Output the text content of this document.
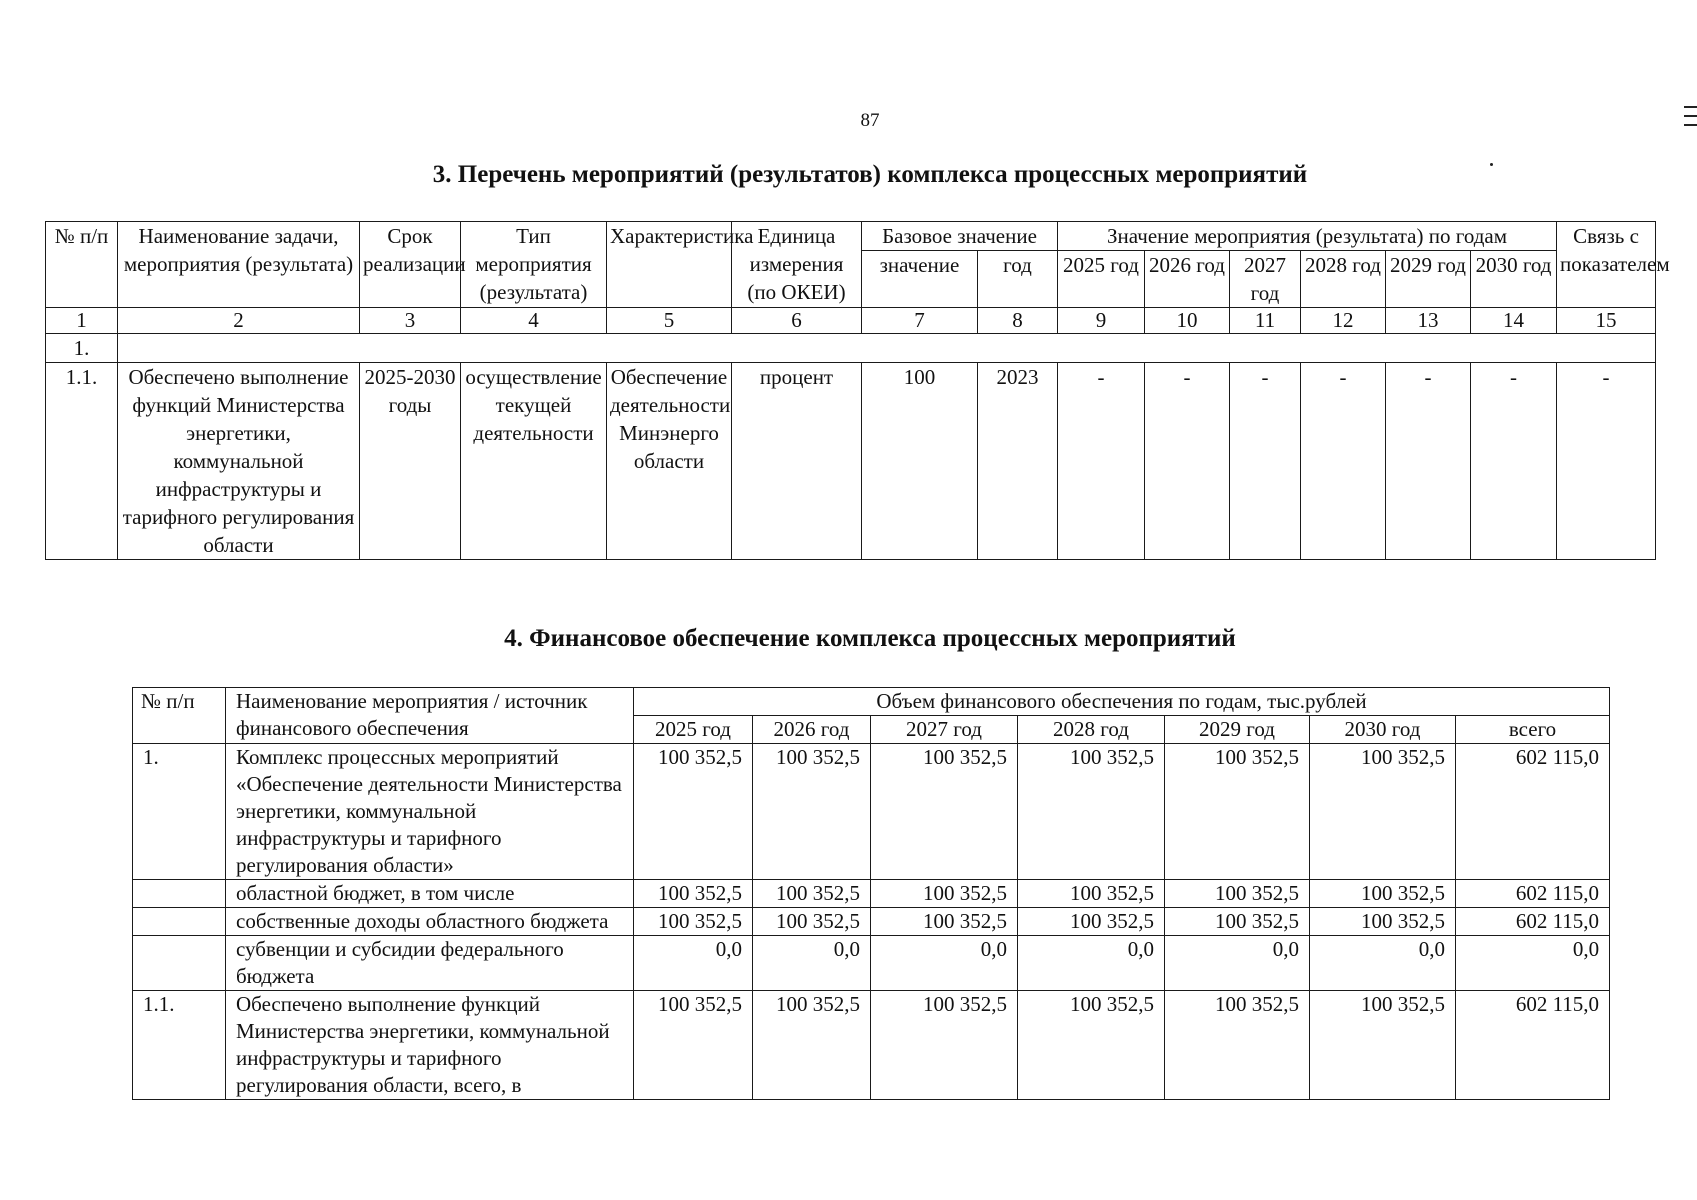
87
3. Перечень мероприятий (результатов) комплекса процессных мероприятий
№ п/п	Наименование задачи, мероприятия (результата)	Срок реализации	Тип мероприятия (результата)	Характеристика	Единица измерения (по ОКЕИ)	Базовое значение		Значение мероприятия (результата) по годам						Связь с показателем
						значение	год	2025 год	2026 год	2027 год	2028 год	2029 год	2030 год	
1	2	3	4	5	6	7	8	9	10	11	12	13	14	15
1.														
1.1.	Обеспечено выполнение функций Министерства энергетики, коммунальной инфраструктуры и тарифного регулирования области	2025-2030 годы	осуществление текущей деятельности	Обеспечение деятельности Минэнерго области	процент	100	2023	-	-	-	-	-	-	-
4. Финансовое обеспечение комплекса процессных мероприятий
№ п/п	Наименование мероприятия / источник финансового обеспечения	Объем финансового обеспечения по годам, тыс.рублей						
		2025 год	2026 год	2027 год	2028 год	2029 год	2030 год	всего
1.	Комплекс процессных мероприятий «Обеспечение деятельности Министерства энергетики, коммунальной инфраструктуры и тарифного регулирования области»	100 352,5	100 352,5	100 352,5	100 352,5	100 352,5	100 352,5	602 115,0
	областной бюджет, в том числе	100 352,5	100 352,5	100 352,5	100 352,5	100 352,5	100 352,5	602 115,0
	собственные доходы областного бюджета	100 352,5	100 352,5	100 352,5	100 352,5	100 352,5	100 352,5	602 115,0
	субвенции и субсидии федерального бюджета	0,0	0,0	0,0	0,0	0,0	0,0	0,0
1.1.	Обеспечено выполнение функций Министерства энергетики, коммунальной инфраструктуры и тарифного регулирования области, всего, в	100 352,5	100 352,5	100 352,5	100 352,5	100 352,5	100 352,5	602 115,0
